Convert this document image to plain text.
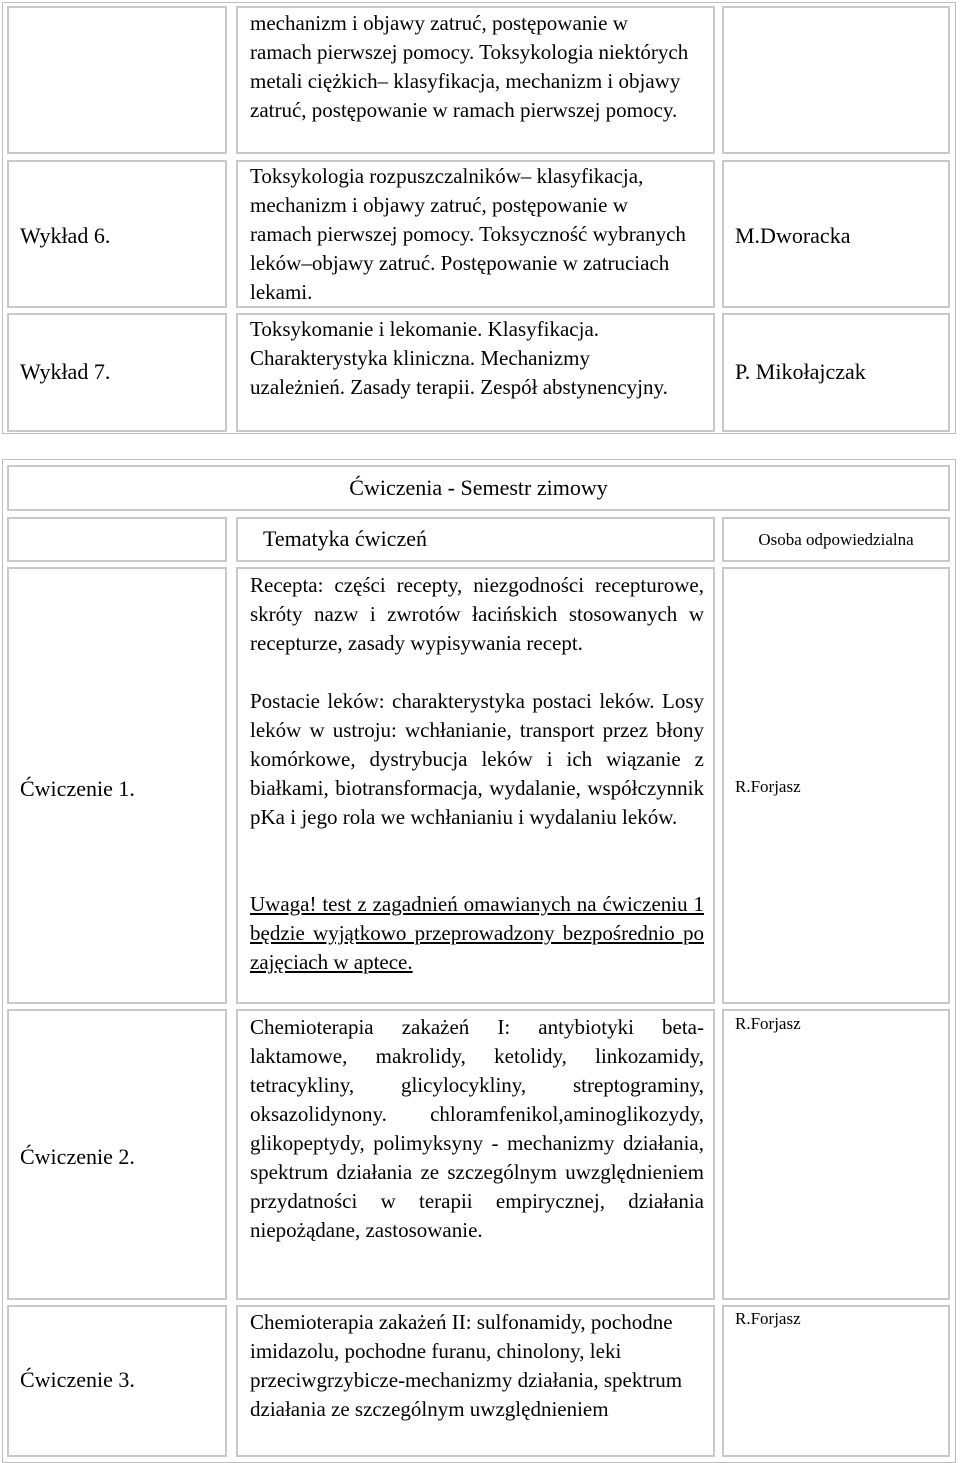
mechanizm i objawy zatruć, postępowanie w ramach pierwszej pomocy. Toksykologia niektórych metali ciężkich– klasyfikacja, mechanizm i objawy zatruć, postępowanie w ramach pierwszej pomocy.
Wykład 6.
Toksykologia rozpuszczalników– klasyfikacja, mechanizm i objawy zatruć, postępowanie w ramach pierwszej pomocy. Toksyczność wybranych leków–objawy zatruć. Postępowanie w zatruciach lekami.
M.Dworacka
Wykład 7.
Toksykomanie i lekomanie. Klasyfikacja. Charakterystyka kliniczna. Mechanizmy uzależnień. Zasady terapii. Zespół abstynencyjny.
P. Mikołajczak
Ćwiczenia - Semestr zimowy
Tematyka ćwiczeń	Osoba odpowiedzialna
Ćwiczenie 1.
Recepta: części recepty, niezgodności recepturowe, skróty nazw i zwrotów łacińskich stosowanych w recepturze, zasady wypisywania recept.
Postacie leków: charakterystyka postaci leków. Losy leków w ustroju: wchłanianie, transport przez błony komórkowe, dystrybucja leków i ich wiązanie z białkami, biotransformacja, wydalanie, współczynnik pKa i jego rola we wchłanianiu i wydalaniu leków.
Uwaga! test z zagadnień omawianych na ćwiczeniu 1 będzie wyjątkowo przeprowadzony bezpośrednio po zajęciach w aptece.
R.Forjasz
Ćwiczenie 2.
Chemioterapia zakażeń I: antybiotyki beta-laktamowe, makrolidy, ketolidy, linkozamidy, tetracykliny, glicylocykliny, streptograminy, oksazolidynony. chloramfenikol,aminoglikozydy, glikopeptydy, polimyksyny - mechanizmy działania, spektrum działania ze szczególnym uwzględnieniem przydatności w terapii empirycznej, działania niepożądane, zastosowanie.
R.Forjasz
Ćwiczenie 3.
Chemioterapia zakażeń II: sulfonamidy, pochodne imidazolu, pochodne furanu, chinolony, leki przeciwgrzybicze-mechanizmy działania, spektrum działania ze szczególnym uwzględnieniem
R.Forjasz
